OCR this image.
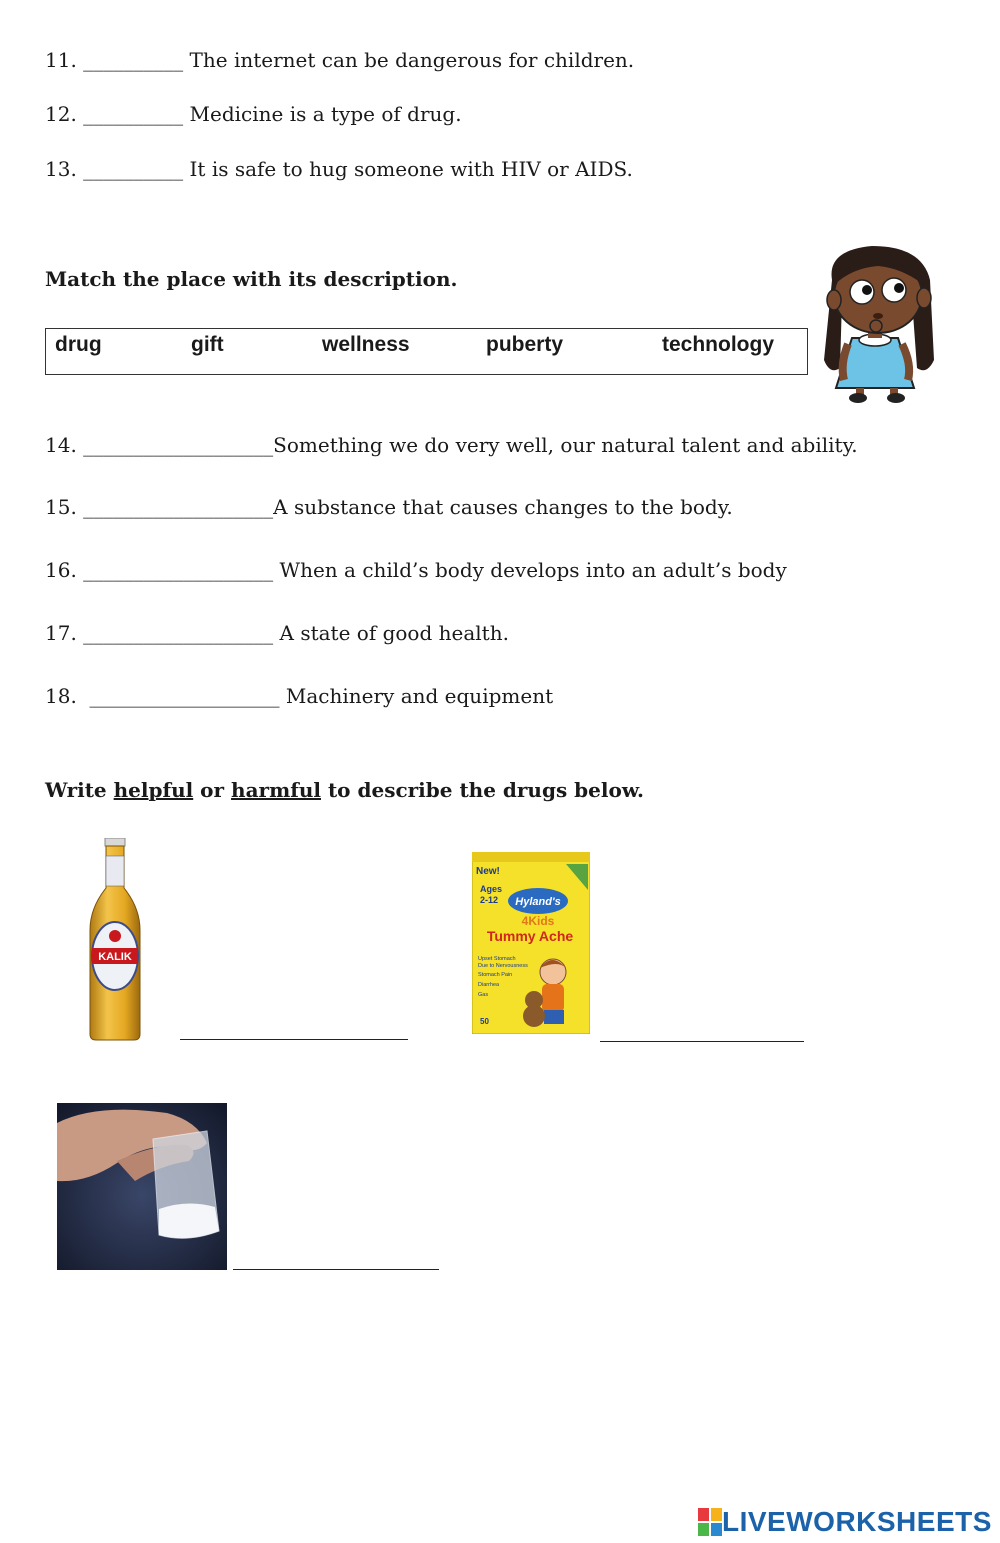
11. __________ The internet can be dangerous for children.
12. __________ Medicine is a type of drug.
13. __________ It is safe to hug someone with HIV or AIDS.
Match the place with its description.
drug	gift	wellness	puberty	technology
14. ___________________Something we do very well, our natural talent and ability.
15. ___________________A substance that causes changes to the body.
16. ___________________ When a child’s body develops into an adult’s body
17. ___________________ A state of good health.
18. ___________________ Machinery and equipment
Write helpful or harmful to describe the drugs below.
KALIK
New!
Ages
2-12 Hyland's
4Kids
Tummy Ache
Upset Stomach
Due to Nervousness
Stomach Pain
Diarrhea
Gas
50
LIVEWORKSHEETS
